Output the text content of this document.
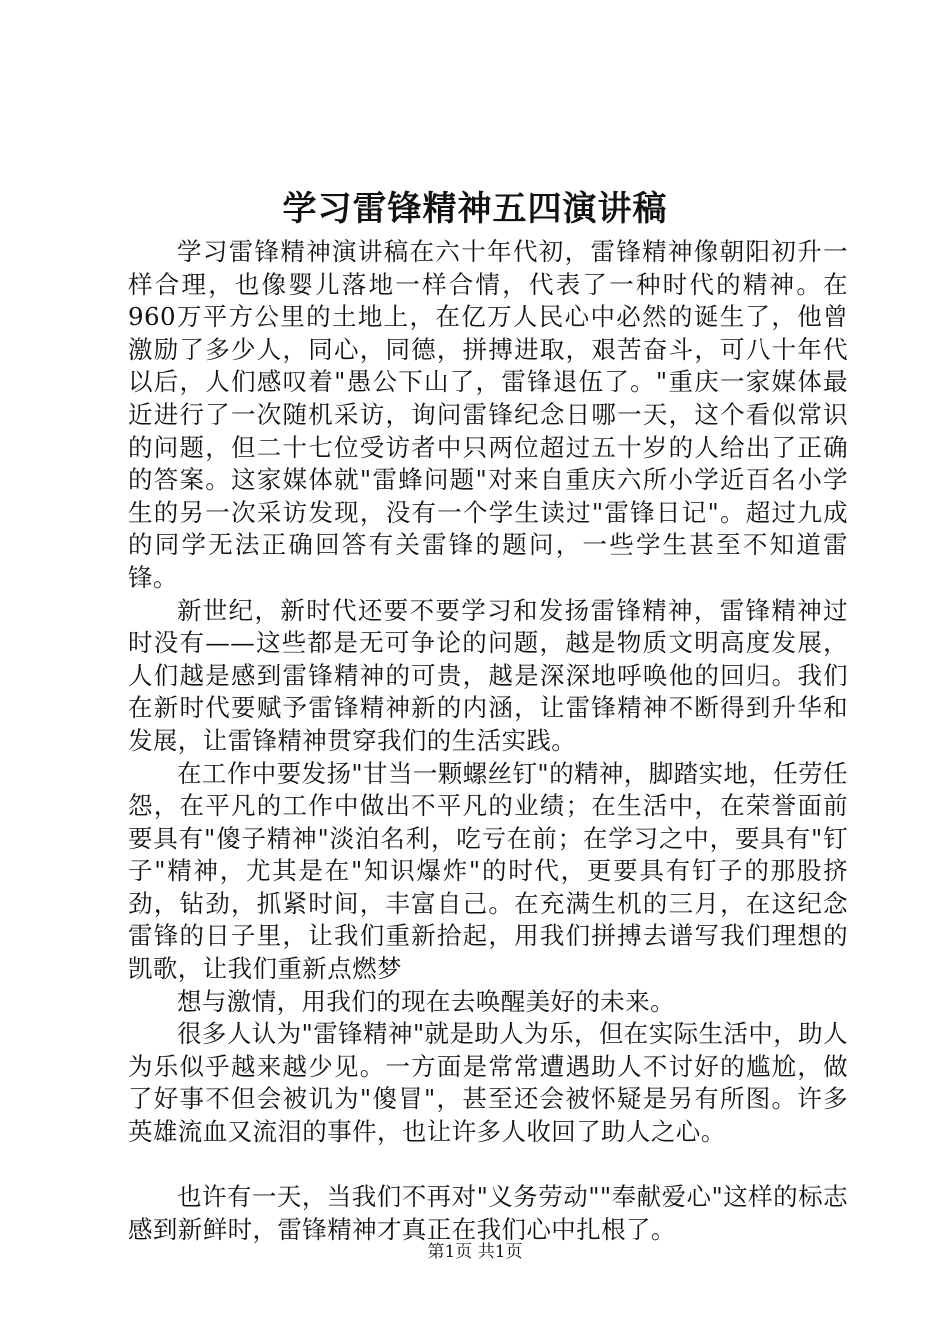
学习雷锋精神五四演讲稿

学习雷锋精神演讲稿在六十年代初，雷锋精神像朝阳初升一样合理，也像婴儿落地一样合情，代表了一种时代的精神。在960万平方公里的土地上，在亿万人民心中必然的诞生了，他曾激励了多少人，同心，同德，拼搏进取，艰苦奋斗，可八十年代以后，人们感叹着"愚公下山了，雷锋退伍了。"重庆一家媒体最近进行了一次随机采访，询问雷锋纪念日哪一天，这个看似常识的问题，但二十七位受访者中只两位超过五十岁的人给出了正确的答案。这家媒体就"雷蜂问题"对来自重庆六所小学近百名小学生的另一次采访发现，没有一个学生读过"雷锋日记"。超过九成的同学无法正确回答有关雷锋的题问，一些学生甚至不知道雷锋。

新世纪，新时代还要不要学习和发扬雷锋精神，雷锋精神过时没有——这些都是无可争论的问题，越是物质文明高度发展，人们越是感到雷锋精神的可贵，越是深深地呼唤他的回归。我们在新时代要赋予雷锋精神新的内涵，让雷锋精神不断得到升华和发展，让雷锋精神贯穿我们的生活实践。

在工作中要发扬"甘当一颗螺丝钉"的精神，脚踏实地，任劳任怨，在平凡的工作中做出不平凡的业绩；在生活中，在荣誉面前要具有"傻子精神"淡泊名利，吃亏在前；在学习之中，要具有"钉子"精神，尤其是在"知识爆炸"的时代，更要具有钉子的那股挤劲，钻劲，抓紧时间，丰富自己。在充满生机的三月，在这纪念雷锋的日子里，让我们重新拾起，用我们拼搏去谱写我们理想的凯歌，让我们重新点燃梦

想与激情，用我们的现在去唤醒美好的未来。

很多人认为"雷锋精神"就是助人为乐，但在实际生活中，助人为乐似乎越来越少见。一方面是常常遭遇助人不讨好的尴尬，做了好事不但会被讥为"傻冒"，甚至还会被怀疑是另有所图。许多英雄流血又流泪的事件，也让许多人收回了助人之心。

也许有一天，当我们不再对"义务劳动""奉献爱心"这样的标志感到新鲜时，雷锋精神才真正在我们心中扎根了。

第1页 共1页
